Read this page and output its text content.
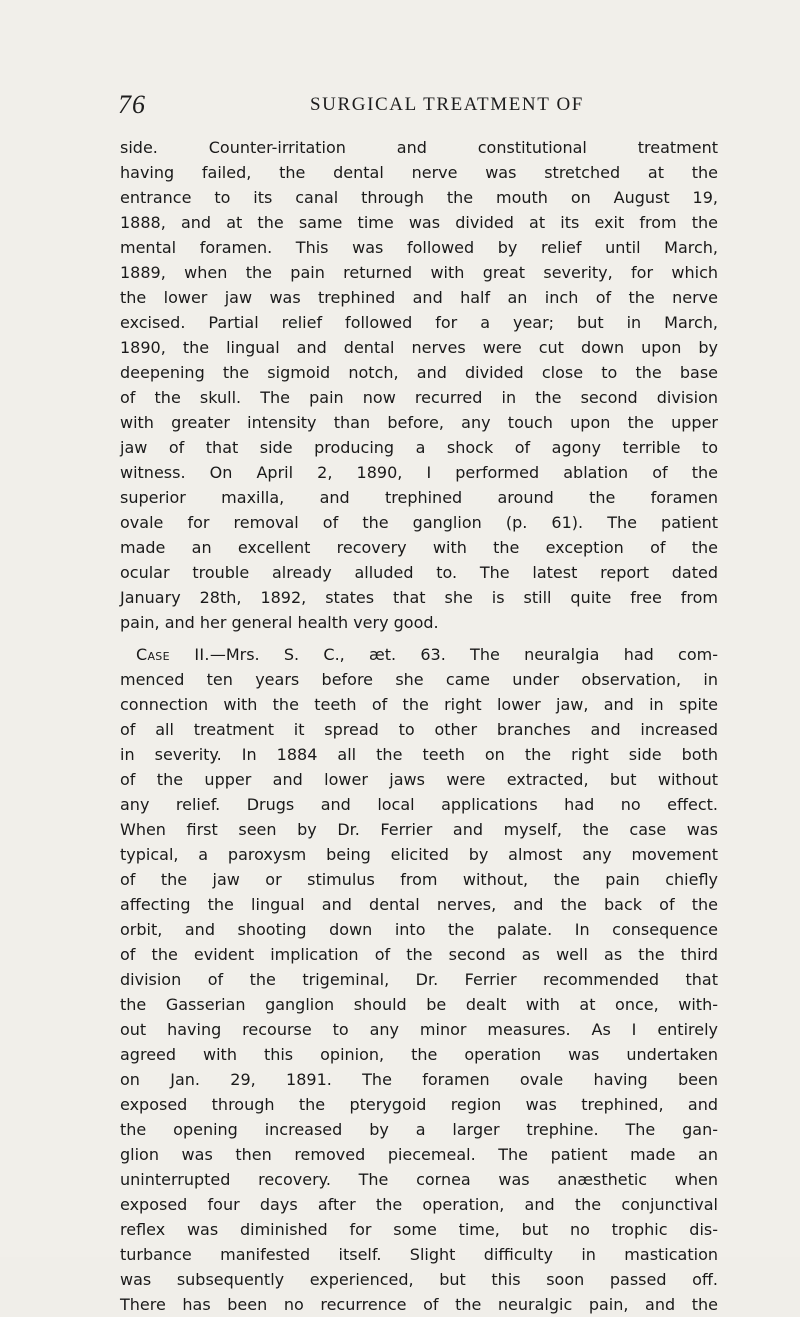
76	SURGICAL TREATMENT OF

side. Counter-irritation and constitutional treatment

having failed, the dental nerve was stretched at the

entrance to its canal through the mouth on August 19,

1888, and at the same time was divided at its exit from the

mental foramen. This was followed by relief until March,

1889, when the pain returned with great severity, for which

the lower jaw was trephined and half an inch of the nerve

excised. Partial relief followed for a year; but in March,

1890, the lingual and dental nerves were cut down upon by

deepening the sigmoid notch, and divided close to the base

of the skull. The pain now recurred in the second division

with greater intensity than before, any touch upon the upper

jaw of that side producing a shock of agony terrible to

witness. On April 2, 1890, I performed ablation of the

superior maxilla, and trephined around the foramen

ovale for removal of the ganglion (p. 61). The patient

made an excellent recovery with the exception of the

ocular trouble already alluded to. The latest report dated

January 28th, 1892, states that she is still quite free from

pain, and her general health very good.

 Case II.—Mrs. S. C., æt. 63. The neuralgia had com-

menced ten years before she came under observation, in

connection with the teeth of the right lower jaw, and in spite

of all treatment it spread to other branches and increased

in severity. In 1884 all the teeth on the right side both

of the upper and lower jaws were extracted, but without

any relief. Drugs and local applications had no effect.

When first seen by Dr. Ferrier and myself, the case was

typical, a paroxysm being elicited by almost any movement

of the jaw or stimulus from without, the pain chiefly

affecting the lingual and dental nerves, and the back of the

orbit, and shooting down into the palate. In consequence

of the evident implication of the second as well as the third

division of the trigeminal, Dr. Ferrier recommended that

the Gasserian ganglion should be dealt with at once, with-

out having recourse to any minor measures. As I entirely

agreed with this opinion, the operation was undertaken

on Jan. 29, 1891. The foramen ovale having been

exposed through the pterygoid region was trephined, and

the opening increased by a larger trephine. The gan-

glion was then removed piecemeal. The patient made an

uninterrupted recovery. The cornea was anæsthetic when

exposed four days after the operation, and the conjunctival

reflex was diminished for some time, but no trophic dis-

turbance manifested itself. Slight difficulty in mastication

was subsequently experienced, but this soon passed off.

There has been no recurrence of the neuralgic pain, and the
